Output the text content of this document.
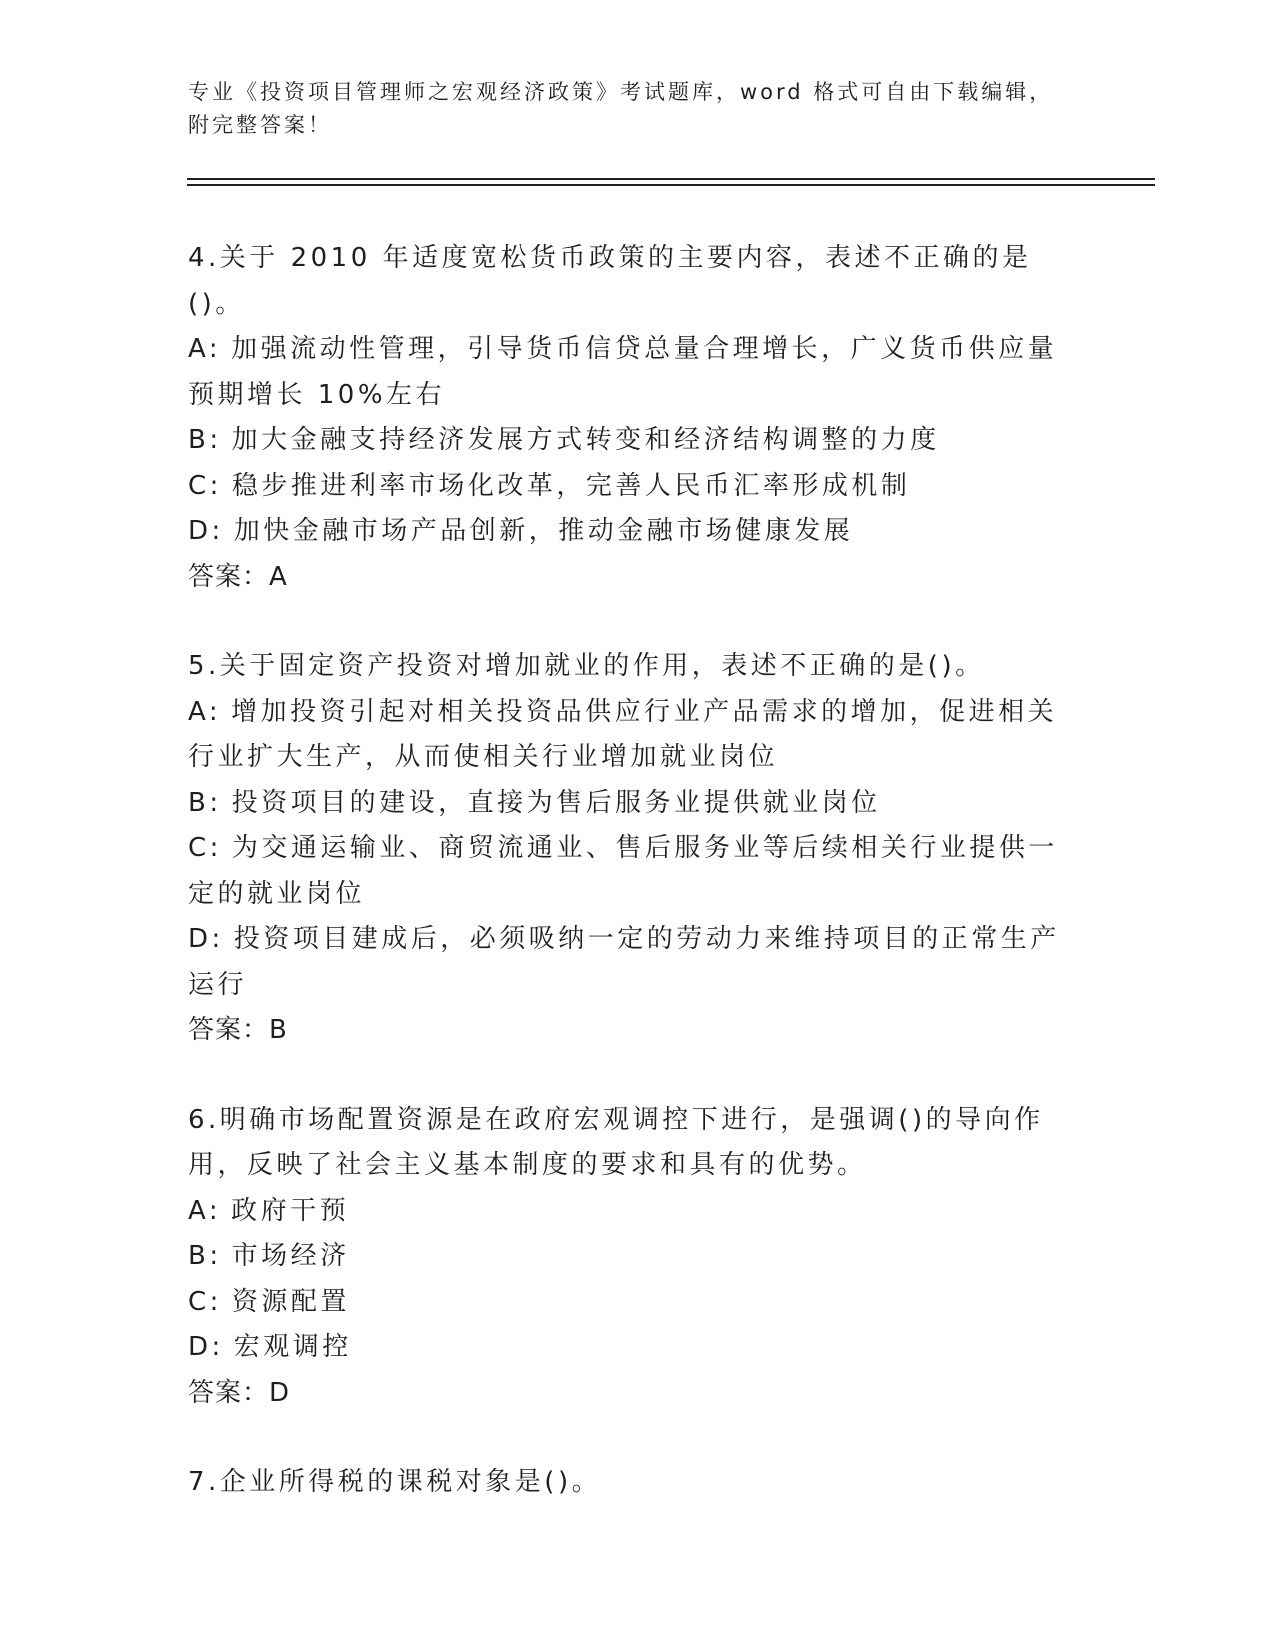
专业《投资项目管理师之宏观经济政策》考试题库，word 格式可自由下载编辑，
附完整答案！
4.关于 2010 年适度宽松货币政策的主要内容，表述不正确的是()。
A: 加强流动性管理，引导货币信贷总量合理增长，广义货币供应量预期增长 10%左右
B: 加大金融支持经济发展方式转变和经济结构调整的力度
C: 稳步推进利率市场化改革，完善人民币汇率形成机制
D: 加快金融市场产品创新，推动金融市场健康发展
答案：A
5.关于固定资产投资对增加就业的作用，表述不正确的是()。
A: 增加投资引起对相关投资品供应行业产品需求的增加，促进相关行业扩大生产，从而使相关行业增加就业岗位
B: 投资项目的建设，直接为售后服务业提供就业岗位
C: 为交通运输业、商贸流通业、售后服务业等后续相关行业提供一定的就业岗位
D: 投资项目建成后，必须吸纳一定的劳动力来维持项目的正常生产运行
答案：B
6.明确市场配置资源是在政府宏观调控下进行，是强调()的导向作用，反映了社会主义基本制度的要求和具有的优势。
A: 政府干预
B: 市场经济
C: 资源配置
D: 宏观调控
答案：D
7.企业所得税的课税对象是()。
